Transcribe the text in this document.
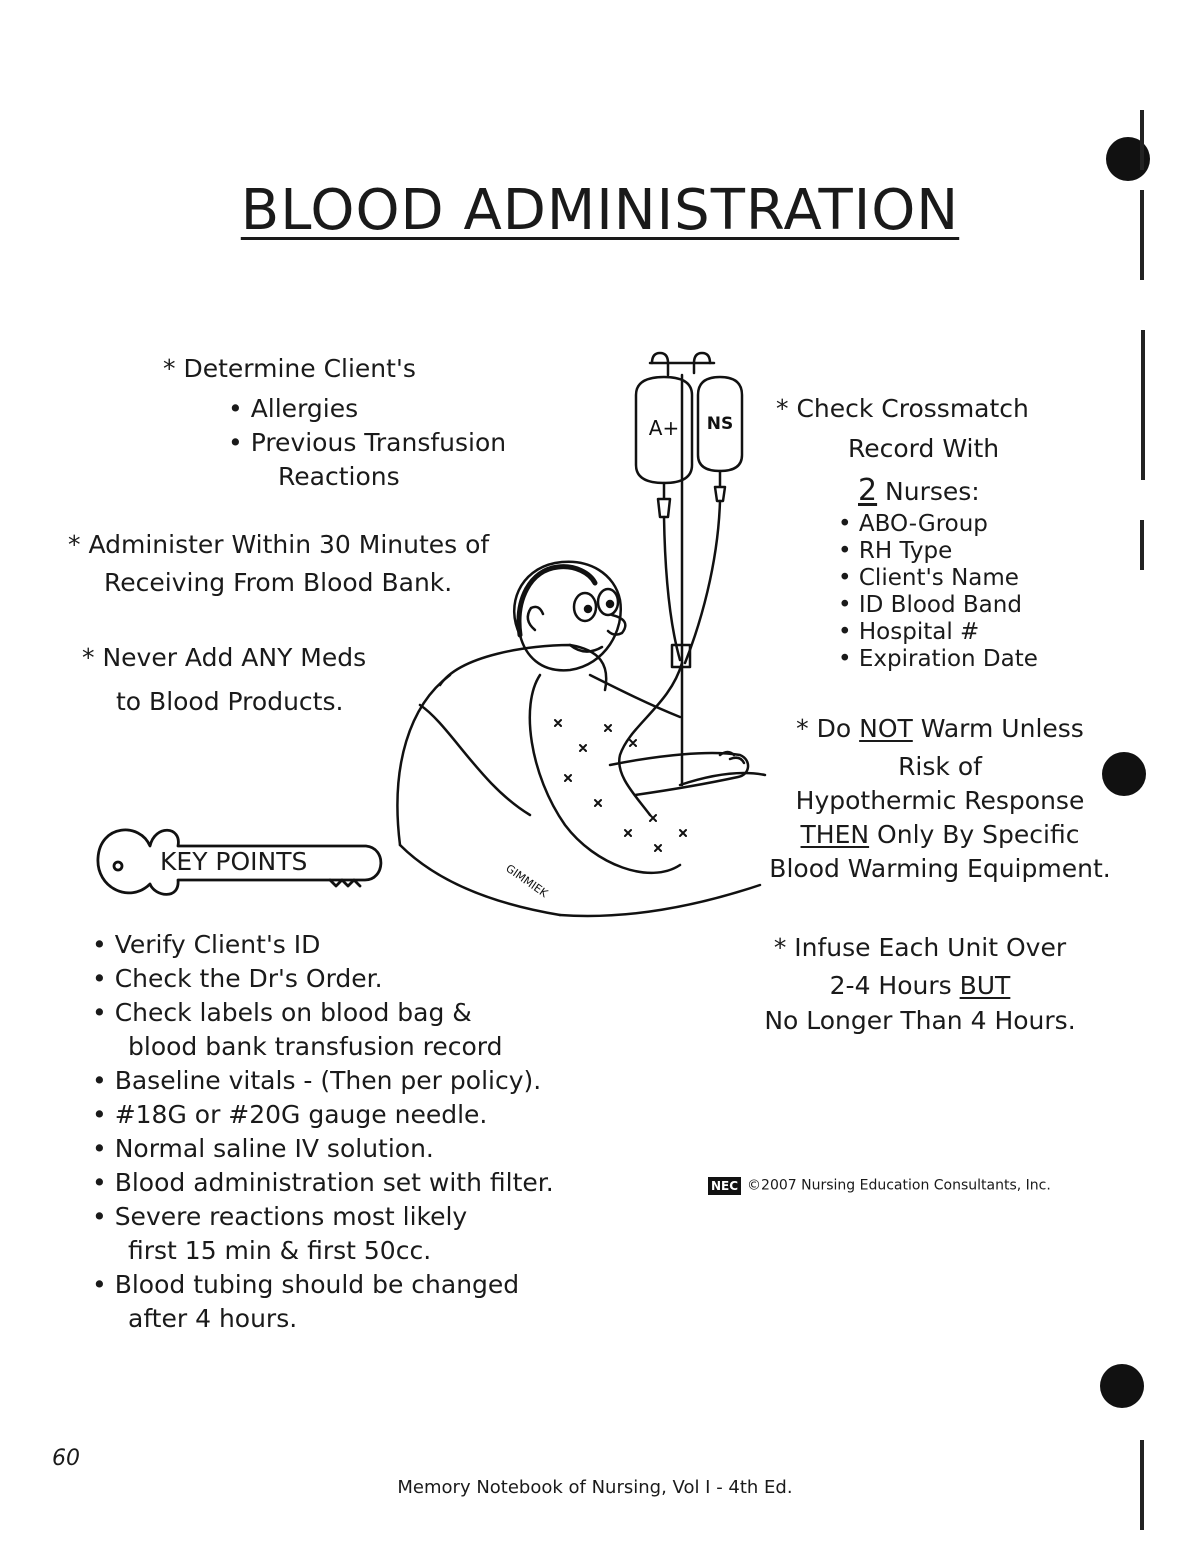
BLOOD ADMINISTRATION
* Determine Client's
• Allergies
• Previous Transfusion
Reactions
* Administer Within 30 Minutes of
Receiving From Blood Bank.
* Never Add ANY Meds
to Blood Products.
A+ NS
GIMMIEK
KEY POINTS
• Verify Client's ID
• Check the Dr's Order.
• Check labels on blood bag &
blood bank transfusion record
• Baseline vitals - (Then per policy).
• #18G or #20G gauge needle.
• Normal saline IV solution.
• Blood administration set with filter.
• Severe reactions most likely
first 15 min & first 50cc.
• Blood tubing should be changed
after 4 hours.
* Check Crossmatch
Record With
2 Nurses:
• ABO-Group
• RH Type
• Client's Name
• ID Blood Band
• Hospital #
• Expiration Date
* Do NOT Warm Unless
Risk of
Hypothermic Response
THEN Only By Specific
Blood Warming Equipment.
* Infuse Each Unit Over
2-4 Hours BUT
No Longer Than 4 Hours.
NEC ©2007 Nursing Education Consultants, Inc.
60
Memory Notebook of Nursing, Vol I - 4th Ed.
